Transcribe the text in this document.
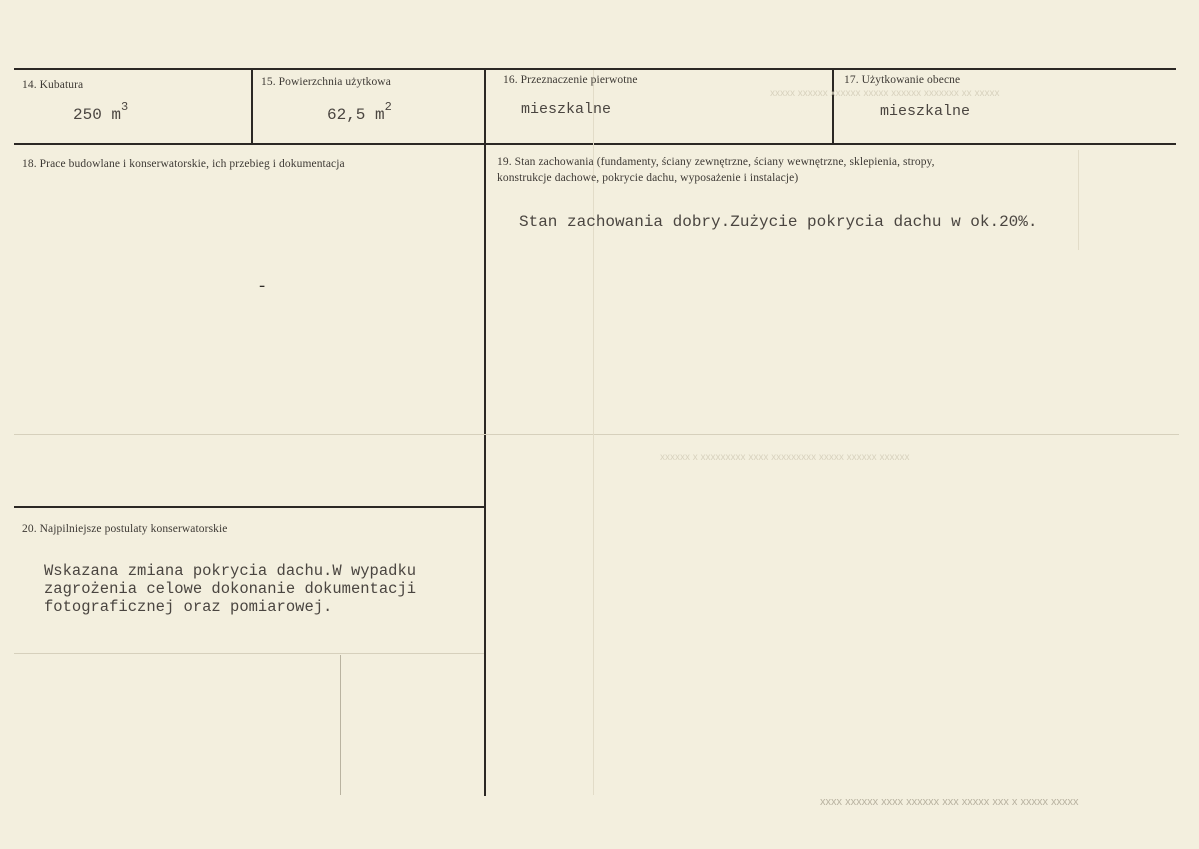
xxxxx xx xxxxxxx xxxxxx xxxxx xxxxxx xxxxxx xxxxx
xxxxxx xxxxxx xxxxx xxxxxxxxx xxxx xxxxxxxxx x xxxxxx
xxxxx xxxxx x xxx xxxxx xxx xxxxxx xxxx xxxxxx xxxx
14. Kubatura
250 $m^3$
15. Powierzchnia użytkowa
62,5 $m^2$
16. Przeznaczenie pierwotne
mieszkalne
17. Użytkowanie obecne
mieszkalne
18. Prace budowlane i konserwatorskie, ich przebieg i dokumentacja
-
19. Stan zachowania (fundamenty, ściany zewnętrzne, ściany wewnętrzne, sklepienia, stropy,
konstrukcje dachowe, pokrycie dachu, wyposażenie i instalacje)
Stan zachowania dobry.Zużycie pokrycia dachu w ok.20%.
20. Najpilniejsze postulaty konserwatorskie
Wskazana zmiana pokrycia dachu.W wypadku
zagrożenia celowe dokonanie dokumentacji
fotograficznej oraz pomiarowej.
